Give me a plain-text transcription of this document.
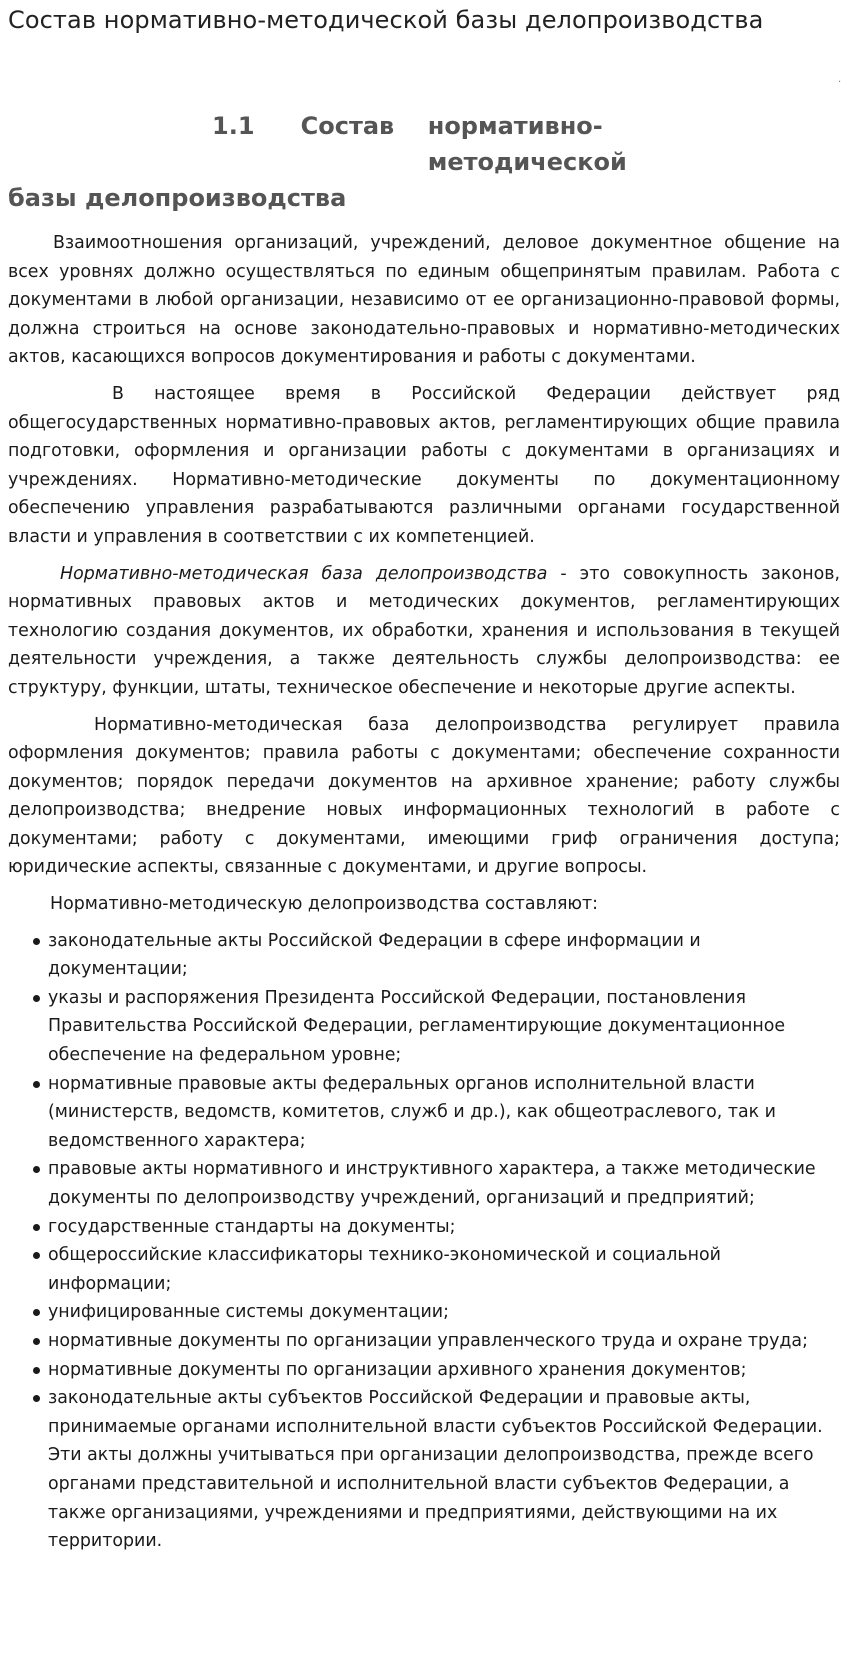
Состав нормативно-методической базы делопроизводства
.
1.1	Состав	нормативно-методической
базы делопроизводства

Взаимоотношения организаций, учреждений, деловое документное общение на всех уровнях должно осуществляться по единым общепринятым правилам. Работа с документами в любой организации, независимо от ее организационно-правовой формы, должна строиться на основе законодательно-правовых и нормативно-методических актов, касающихся вопросов документирования и работы с документами.

В настоящее время в Российской Федерации действует ряд общегосударственных нормативно-правовых актов, регламентирующих общие правила подготовки, оформления и организации работы с документами в организациях и учреждениях. Нормативно-методические документы по документационному обеспечению управления разрабатываются различными органами государственной власти и управления в соответствии с их компетенцией.

Нормативно-методическая база делопроизводства - это совокупность законов, нормативных правовых актов и методических документов, регламентирующих технологию создания документов, их обработки, хранения и использования в текущей деятельности учреждения, а также деятельность службы делопроизводства: ее структуру, функции, штаты, техническое обеспечение и некоторые другие аспекты.

Нормативно-методическая база делопроизводства регулирует правила оформления документов; правила работы с документами; обеспечение сохранности документов; порядок передачи документов на архивное хранение; работу службы делопроизводства; внедрение новых информационных технологий в работе с документами; работу с документами, имеющими гриф ограничения доступа; юридические аспекты, связанные с документами, и другие вопросы.

Нормативно-методическую делопроизводства составляют:

законодательные акты Российской Федерации в сфере информации и документации;
указы и распоряжения Президента Российской Федерации, постановления Правительства Российской Федерации, регламентирующие документационное обеспечение на федеральном уровне;
нормативные правовые акты федеральных органов исполнительной власти (министерств, ведомств, комитетов, служб и др.), как общеотраслевого, так и ведомственного характера;
правовые акты нормативного и инструктивного характера, а также методические документы по делопроизводству учреждений, организаций и предприятий;
государственные стандарты на документы;
общероссийские классификаторы технико-экономической и социальной информации;
унифицированные системы документации;
нормативные документы по организации управленческого труда и охране труда;
нормативные документы по организации архивного хранения документов;
законодательные акты субъектов Российской Федерации и правовые акты, принимаемые органами исполнительной власти субъектов Российской Федерации. Эти акты должны учитываться при организации делопроизводства, прежде всего органами представительной и исполнительной власти субъектов Федерации, а также организациями, учреждениями и предприятиями, действующими на их территории.
